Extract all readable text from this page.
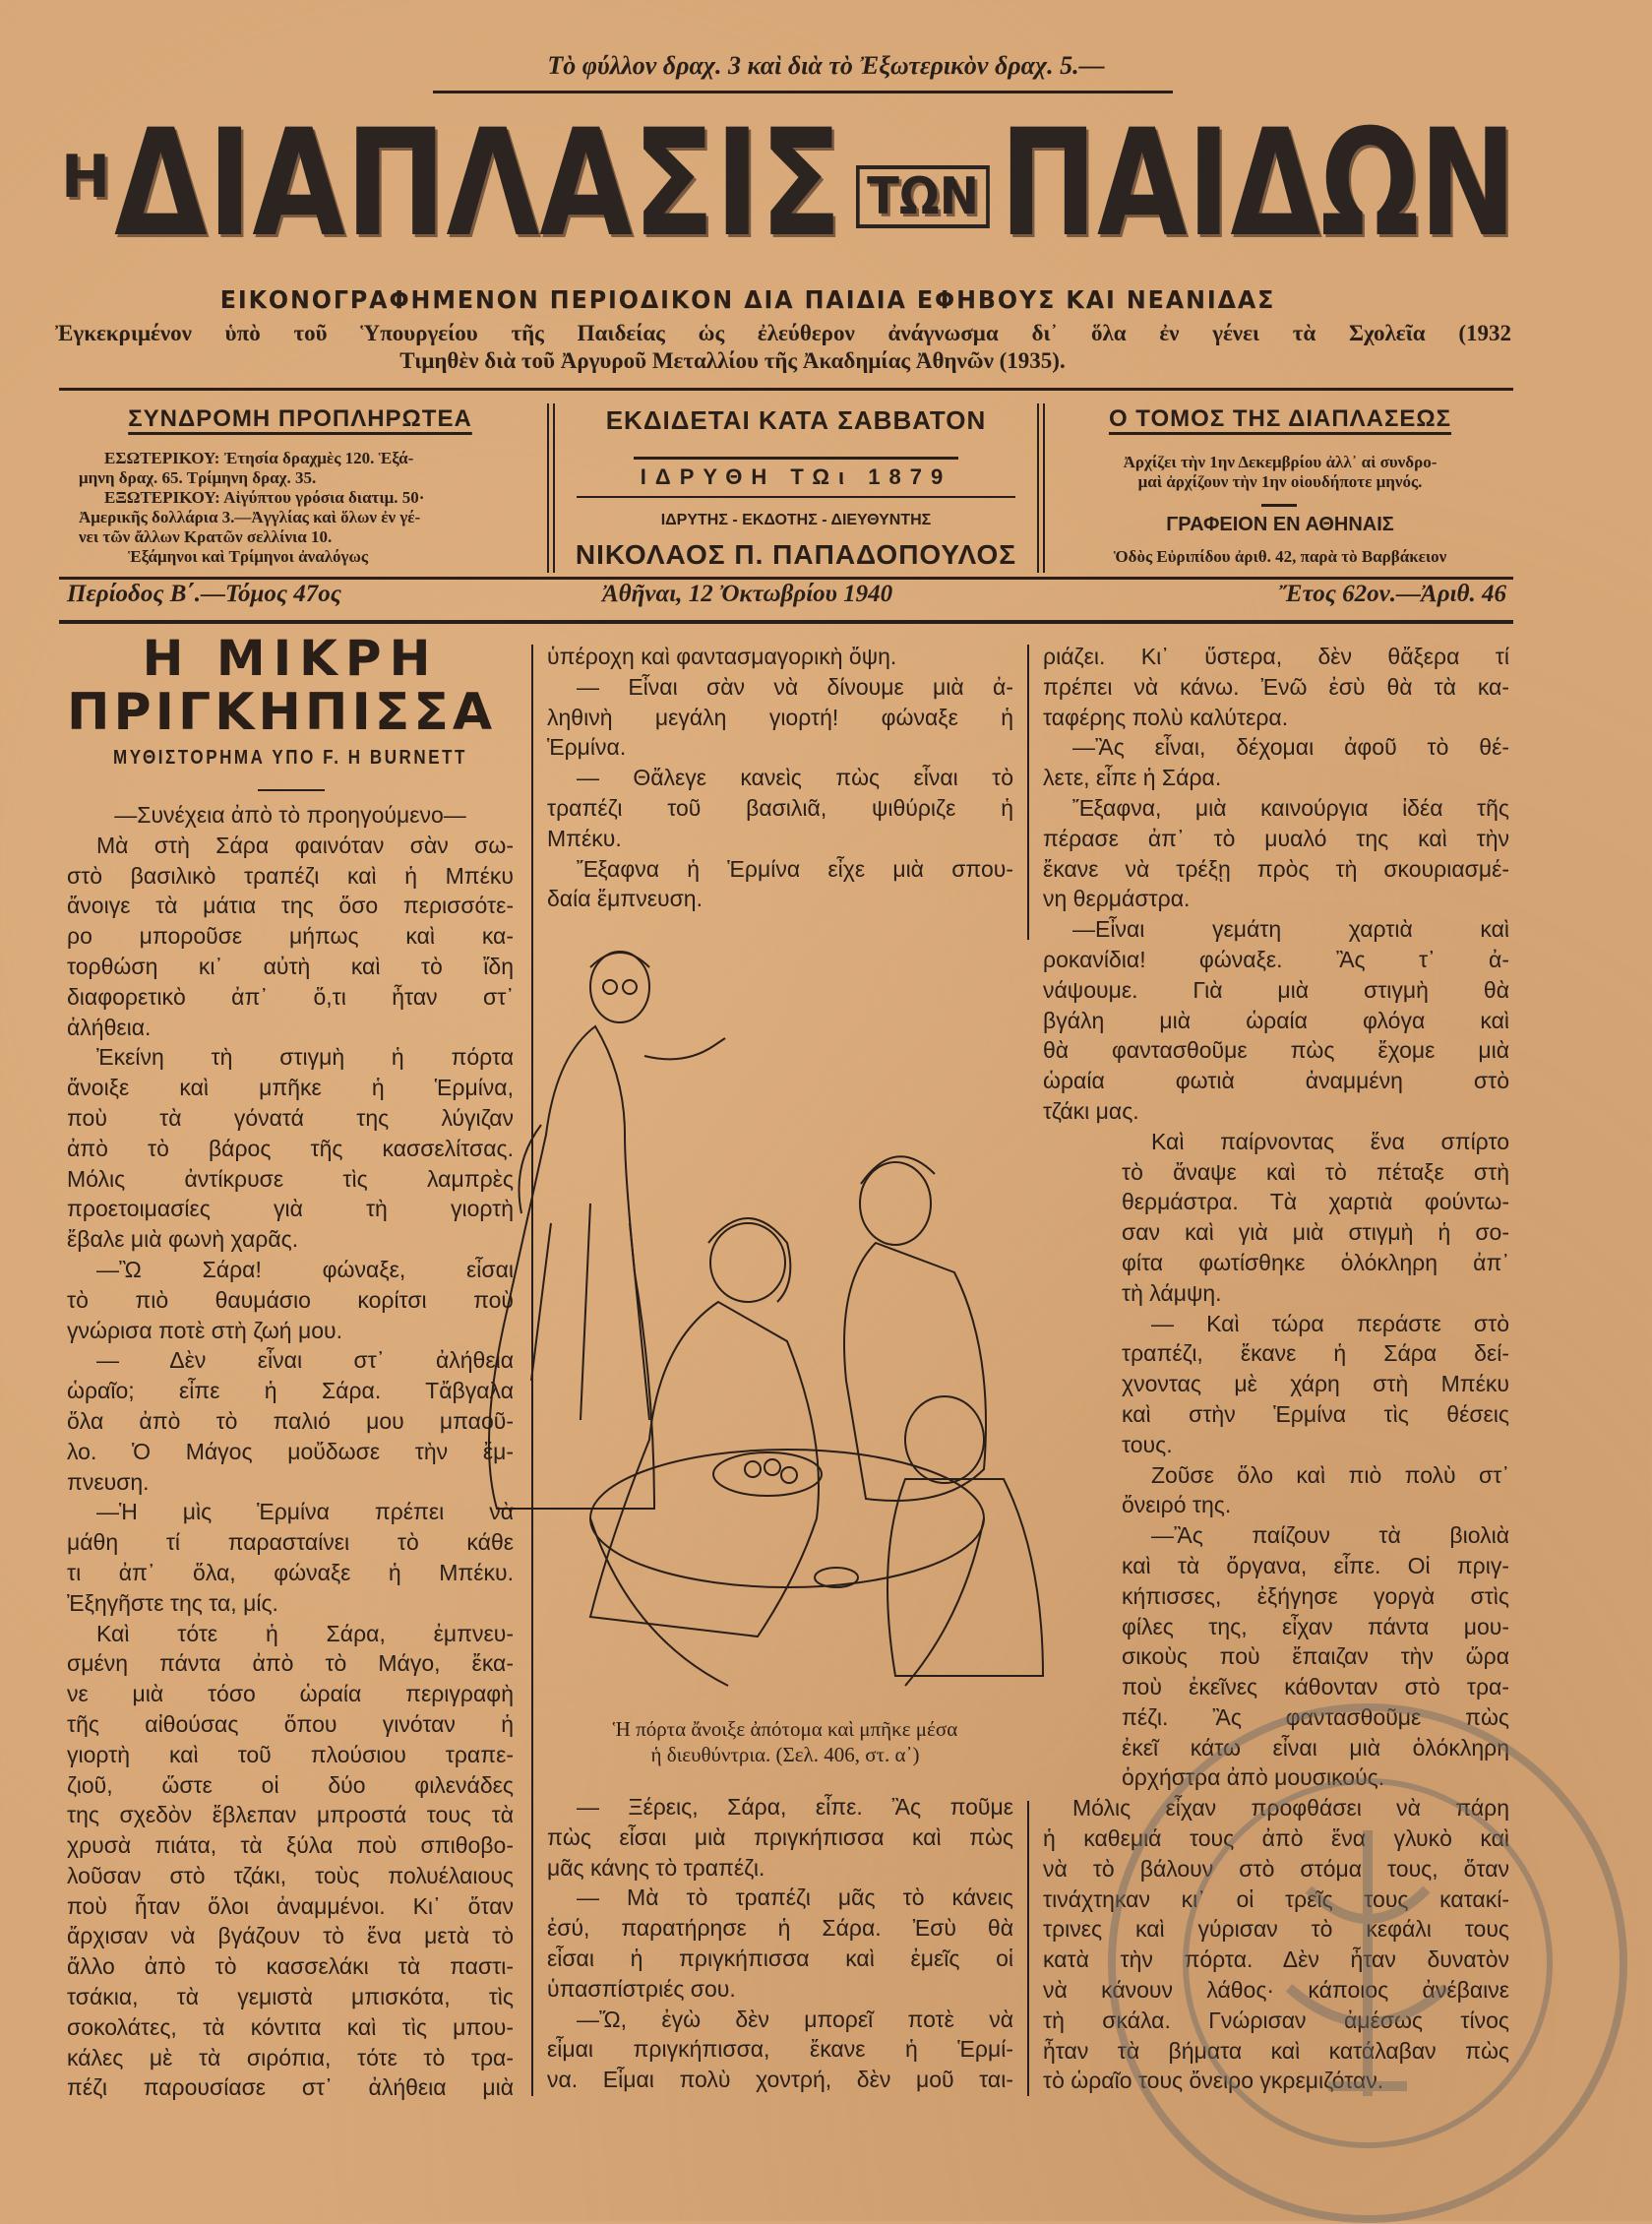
Τὸ φύλλον δραχ. 3 καὶ διὰ τὸ Ἐξωτερικὸν δραχ. 5.—
Η ΔΙΑΠΛΑΣΙΣ ΤΩΝ ΠΑΙΔΩΝ
ΕΙΚΟΝΟΓΡΑΦΗΜΕΝΟΝ ΠΕΡΙΟΔΙΚΟΝ ΔΙΑ ΠΑΙΔΙΑ ΕΦΗΒΟΥΣ ΚΑΙ ΝΕΑΝΙΔΑΣ
Ἐγκεκριμένον ὑπὸ τοῦ Ὑπουργείου τῆς Παιδείας ὡς ἐλεύθερον ἀνάγνωσμα δι᾿ ὅλα ἐν γένει τὰ Σχολεῖα (1932
Τιμηθὲν διὰ τοῦ Ἀργυροῦ Μεταλλίου τῆς Ἀκαδημίας Ἀθηνῶν (1935).
ΣΥΝΔΡΟΜΗ ΠΡΟΠΛΗΡΩΤΕΑ
ΕΣΩΤΕΡΙΚΟΥ: Ἐτησία δραχμὲς 120. Ἑξά-
μηνη δραχ. 65. Τρίμηνη δραχ. 35.
ΕΞΩΤΕΡΙΚΟΥ: Αἰγύπτου γρόσια διατιμ. 50·
Ἀμερικῆς δολλάρια 3.—Ἀγγλίας καὶ ὅλων ἐν γέ-
νει τῶν ἄλλων Κρατῶν σελλίνια 10.
Ἑξάμηνοι καὶ Τρίμηνοι ἀναλόγως
ΕΚΔΙΔΕΤΑΙ ΚΑΤΑ ΣΑΒΒΑΤΟΝ
ΙΔΡΥΘΗ ΤΩι 1879
ΙΔΡΥΤΗΣ - ΕΚΔΟΤΗΣ - ΔΙΕΥΘΥΝΤΗΣ
ΝΙΚΟΛΑΟΣ Π. ΠΑΠΑΔΟΠΟΥΛΟΣ
Ο ΤΟΜΟΣ ΤΗΣ ΔΙΑΠΛΑΣΕΩΣ
Ἀρχίζει τὴν 1ην Δεκεμβρίου ἀλλ᾿ αἱ συνδρο-
μαὶ ἀρχίζουν τὴν 1ην οἱουδήποτε μηνός.
ΓΡΑΦΕΙΟΝ ΕΝ ΑΘΗΝΑΙΣ
Ὁδὸς Εὐριπίδου ἀριθ. 42, παρὰ τὸ Βαρβάκειον
Περίοδος Β΄.—Τόμος 47ος	Ἀθῆναι, 12 Ὀκτωβρίου 1940	Ἔτος 62ον.—Ἀριθ. 46
Η ΜΙΚΡΗ
ΠΡΙΓΚΗΠΙΣΣΑ
ΜΥΘΙΣΤΟΡΗΜΑ ΥΠΟ F. H BURNETT
—Συνέχεια ἀπὸ τὸ προηγούμενο—
Μὰ στὴ Σάρα φαινόταν σὰν σω-
στὸ βασιλικὸ τραπέζι καὶ ἡ Μπέκυ
ἄνοιγε τὰ μάτια της ὅσο περισσότε-
ρο μποροῦσε μήπως καὶ κα-
τορθώση κι᾿ αὐτὴ καὶ τὸ ἴδη
διαφορετικὸ ἀπ᾿ ὅ,τι ἦταν στ᾿
ἀλήθεια.
Ἐκείνη τὴ στιγμὴ ἡ πόρτα
ἄνοιξε καὶ μπῆκε ἡ Ἑρμίνα,
ποὺ τὰ γόνατά της λύγιζαν
ἀπὸ τὸ βάρος τῆς κασσελίτσας.
Μόλις ἀντίκρυσε τὶς λαμπρὲς
προετοιμασίες γιὰ τὴ γιορτὴ
ἔβαλε μιὰ φωνὴ χαρᾶς.
—Ὢ Σάρα! φώναξε, εἶσαι
τὸ πιὸ θαυμάσιο κορίτσι ποὺ
γνώρισα ποτὲ στὴ ζωή μου.
— Δὲν εἶναι στ᾿ ἀλήθεια
ὡραῖο; εἶπε ἡ Σάρα. Τἄβγαλα
ὅλα ἀπὸ τὸ παλιό μου μπαοῦ-
λο. Ὁ Μάγος μοὔδωσε τὴν ἔμ-
πνευση.
—Ἡ μὶς Ἑρμίνα πρέπει νὰ
μάθη τί παρασταίνει τὸ κάθε
τι ἀπ᾿ ὅλα, φώναξε ἡ Μπέκυ.
Ἐξηγῆστε της τα, μίς.
Καὶ τότε ἡ Σάρα, ἐμπνευ-
σμένη πάντα ἀπὸ τὸ Μάγο, ἔκα-
νε μιὰ τόσο ὡραία περιγραφὴ
τῆς αἰθούσας ὅπου γινόταν ἡ
γιορτὴ καὶ τοῦ πλούσιου τραπε-
ζιοῦ, ὥστε οἱ δύο φιλενάδες
της σχεδὸν ἔβλεπαν μπροστά τους τὰ
χρυσὰ πιάτα, τὰ ξύλα ποὺ σπιθοβο-
λοῦσαν στὸ τζάκι, τοὺς πολυέλαιους
ποὺ ἦταν ὅλοι ἀναμμένοι. Κι᾿ ὅταν
ἄρχισαν νὰ βγάζουν τὸ ἕνα μετὰ τὸ
ἄλλο ἀπὸ τὸ κασσελάκι τὰ παστι-
τσάκια, τὰ γεμιστὰ μπισκότα, τὶς
σοκολάτες, τὰ κόντιτα καὶ τὶς μπου-
κάλες μὲ τὰ σιρόπια, τότε τὸ τρα-
πέζι παρουσίασε στ᾿ ἀλήθεια μιὰ
ὑπέροχη καὶ φαντασμαγορικὴ ὄψη.
— Εἶναι σὰν νὰ δίνουμε μιὰ ἀ-
ληθινὴ μεγάλη γιορτή! φώναξε ἡ
Ἑρμίνα.
— Θἄλεγε κανεὶς πὼς εἶναι τὸ
τραπέζι τοῦ βασιλιᾶ, ψιθύριζε ἡ
Μπέκυ.
Ἔξαφνα ἡ Ἑρμίνα εἶχε μιὰ σπου-
δαία ἔμπνευση.
— Ξέρεις, Σάρα, εἶπε. Ἂς ποῦμε
πὼς εἶσαι μιὰ πριγκήπισσα καὶ πὼς
μᾶς κάνης τὸ τραπέζι.
— Μὰ τὸ τραπέζι μᾶς τὸ κάνεις
ἐσύ, παρατήρησε ἡ Σάρα. Ἐσὺ θὰ
εἶσαι ἡ πριγκήπισσα καὶ ἐμεῖς οἱ
ὑπασπίστριές σου.
—Ὤ, ἐγὼ δὲν μπορεῖ ποτὲ νὰ
εἶμαι πριγκήπισσα, ἔκανε ἡ Ἑρμί-
να. Εἶμαι πολὺ χοντρή, δὲν μοῦ ται-
ριάζει. Κι᾿ ὕστερα, δὲν θἄξερα τί
πρέπει νὰ κάνω. Ἐνῶ ἐσὺ θὰ τὰ κα-
ταφέρης πολὺ καλύτερα.
—Ἂς εἶναι, δέχομαι ἀφοῦ τὸ θέ-
λετε, εἶπε ἡ Σάρα.
Ἔξαφνα, μιὰ καινούργια ἰδέα τῆς
πέρασε ἀπ᾿ τὸ μυαλό της καὶ τὴν
ἔκανε νὰ τρέξῃ πρὸς τὴ σκουριασμέ-
νη θερμάστρα.
—Εἶναι γεμάτη χαρτιὰ καὶ
ροκανίδια! φώναξε. Ἂς τ᾿ ἀ-
νάψουμε. Γιὰ μιὰ στιγμὴ θὰ
βγάλη μιὰ ὡραία φλόγα καὶ
θὰ φαντασθοῦμε πὼς ἔχομε μιὰ
ὡραία φωτιὰ ἀναμμένη στὸ
τζάκι μας.
Καὶ παίρνοντας ἕνα σπίρτο
τὸ ἄναψε καὶ τὸ πέταξε στὴ
θερμάστρα. Τὰ χαρτιὰ φούντω-
σαν καὶ γιὰ μιὰ στιγμὴ ἡ σο-
φίτα φωτίσθηκε ὁλόκληρη ἀπ᾿
τὴ λάμψη.
— Καὶ τώρα περάστε στὸ
τραπέζι, ἔκανε ἡ Σάρα δεί-
χνοντας μὲ χάρη στὴ Μπέκυ
καὶ στὴν Ἑρμίνα τὶς θέσεις
τους.
Ζοῦσε ὅλο καὶ πιὸ πολὺ στ᾿
ὄνειρό της.
—Ἂς παίζουν τὰ βιολιὰ
καὶ τὰ ὄργανα, εἶπε. Οἱ πριγ-
κήπισσες, ἐξήγησε γοργὰ στὶς
φίλες της, εἶχαν πάντα μου-
σικοὺς ποὺ ἔπαιζαν τὴν ὥρα
ποὺ ἐκεῖνες κάθονταν στὸ τρα-
πέζι. Ἂς φαντασθοῦμε πὼς
ἐκεῖ κάτω εἶναι μιὰ ὁλόκληρη
ὀρχήστρα ἀπὸ μουσικούς.
Μόλις εἶχαν προφθάσει νὰ πάρη
ἡ καθεμιά τους ἀπὸ ἕνα γλυκὸ καὶ
νὰ τὸ βάλουν στὸ στόμα τους, ὅταν
τινάχτηκαν κι᾿ οἱ τρεῖς τους κατακί-
τρινες καὶ γύρισαν τὸ κεφάλι τους
κατὰ τὴν πόρτα. Δὲν ἦταν δυνατὸν
νὰ κάνουν λάθος· κάποιος ἀνέβαινε
τὴ σκάλα. Γνώρισαν ἀμέσως τίνος
ἦταν τὰ βήματα καὶ κατάλαβαν πὼς
τὸ ὡραῖο τους ὄνειρο γκρεμιζόταν.
Ἡ πόρτα ἄνοιξε ἀπότομα καὶ μπῆκε μέσα
ἡ διευθύντρια. (Σελ. 406, στ. α᾿)
